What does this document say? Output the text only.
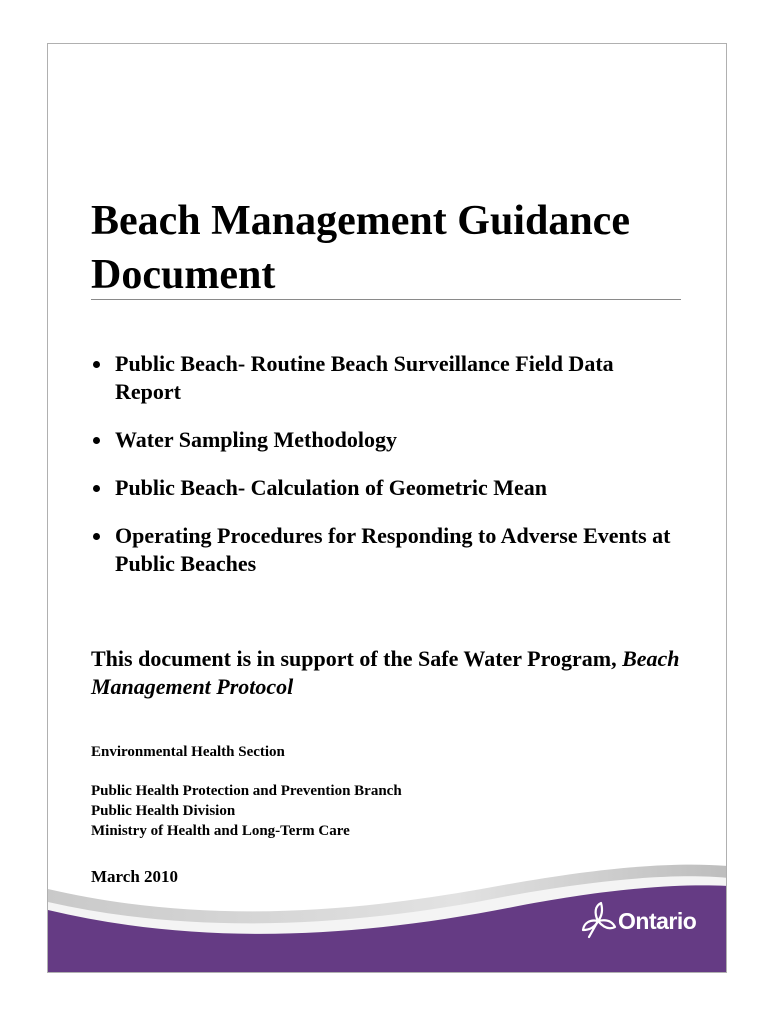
Beach Management Guidance Document
Public Beach- Routine Beach Surveillance Field Data Report
Water Sampling Methodology
Public Beach- Calculation of Geometric Mean
Operating Procedures for Responding to Adverse Events at Public Beaches

This document is in support of the Safe Water Program, Beach Management Protocol

Environmental Health Section
Public Health Protection and Prevention Branch
Public Health Division
Ministry of Health and Long-Term Care
March 2010
Ontario
